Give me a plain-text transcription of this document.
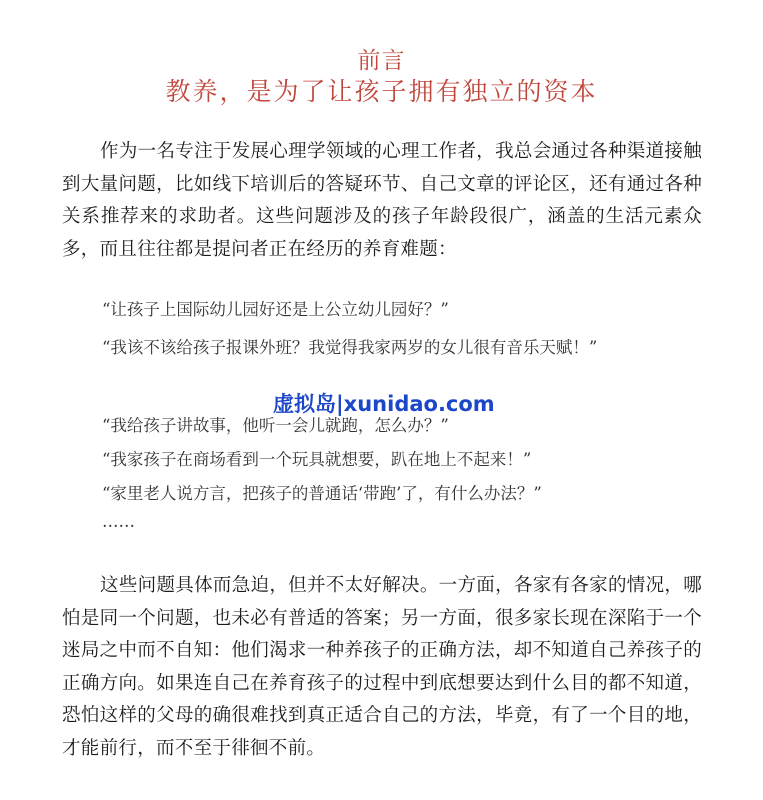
前言
教养，是为了让孩子拥有独立的资本
作为一名专注于发展心理学领域的心理工作者，我总会通过各种渠道接触到大量问题，比如线下培训后的答疑环节、自己文章的评论区，还有通过各种关系推荐来的求助者。这些问题涉及的孩子年龄段很广，涵盖的生活元素众多，而且往往都是提问者正在经历的养育难题：
“让孩子上国际幼儿园好还是上公立幼儿园好？”
“我该不该给孩子报课外班？我觉得我家两岁的女儿很有音乐天赋！”
“我给孩子讲故事，他听一会儿就跑，怎么办？”
“我家孩子在商场看到一个玩具就想要，趴在地上不起来！”
“家里老人说方言，把孩子的普通话‘带跑’了，有什么办法？”
……
虚拟岛|xunidao.com
这些问题具体而急迫，但并不太好解决。一方面，各家有各家的情况，哪怕是同一个问题，也未必有普适的答案；另一方面，很多家长现在深陷于一个迷局之中而不自知：他们渴求一种养孩子的正确方法，却不知道自己养孩子的正确方向。如果连自己在养育孩子的过程中到底想要达到什么目的都不知道，恐怕这样的父母的确很难找到真正适合自己的方法，毕竟，有了一个目的地，才能前行，而不至于徘徊不前。
